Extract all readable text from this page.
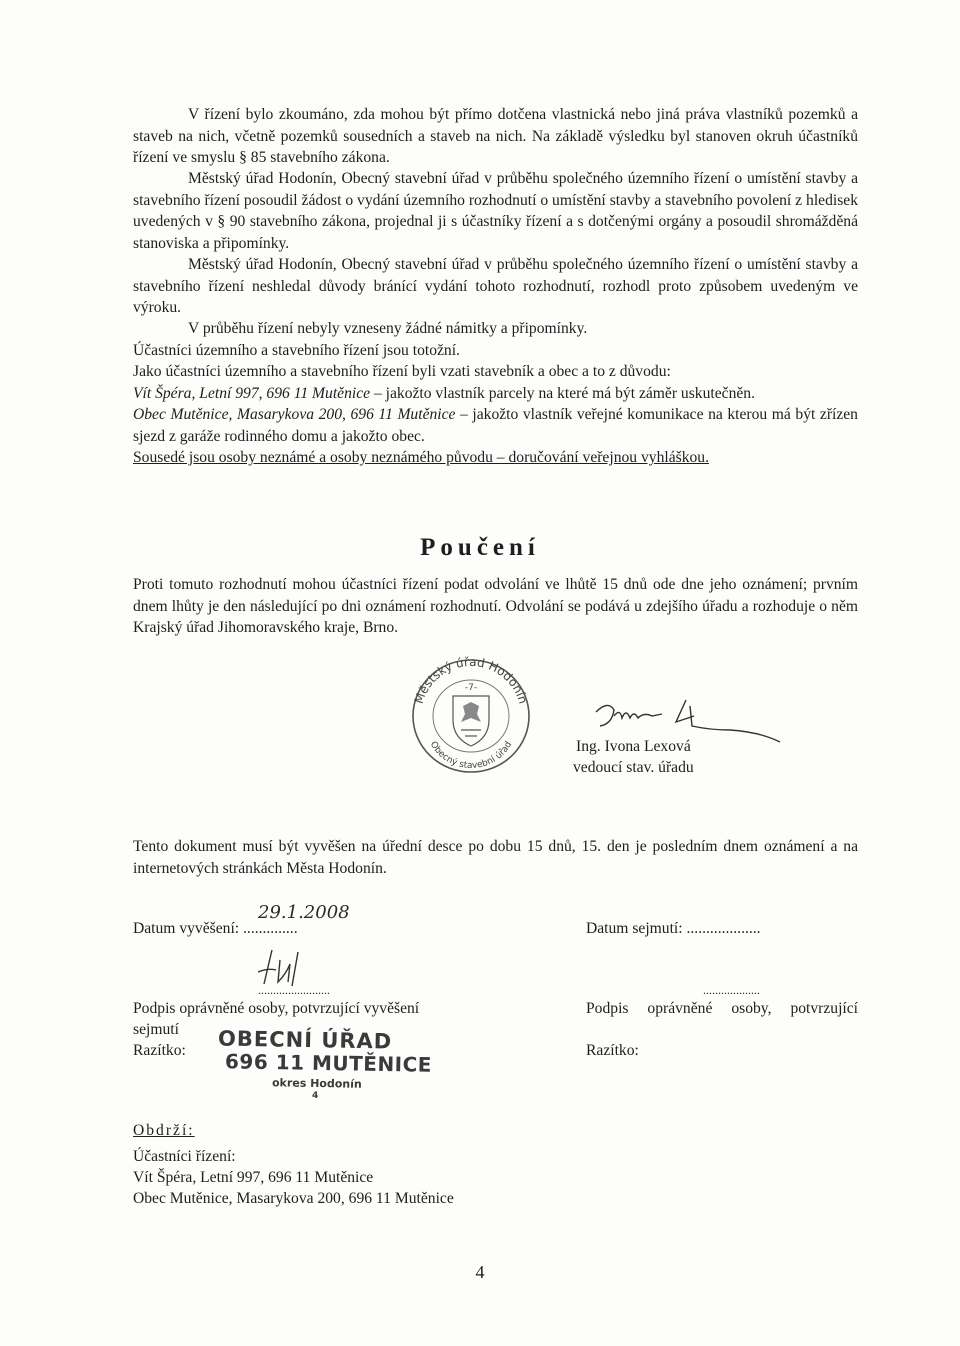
V řízení bylo zkoumáno, zda mohou být přímo dotčena vlastnická nebo jiná práva vlastníků pozemků a staveb na nich, včetně pozemků sousedních a staveb na nich. Na základě výsledku byl stanoven okruh účastníků řízení ve smyslu § 85 stavebního zákona.

Městský úřad Hodonín, Obecný stavební úřad v průběhu společného územního řízení o umístění stavby a stavebního řízení posoudil žádost o vydání územního rozhodnutí o umístění stavby a stavebního povolení z hledisek uvedených v § 90 stavebního zákona, projednal ji s účastníky řízení a s dotčenými orgány a posoudil shromážděná stanoviska a připomínky.

Městský úřad Hodonín, Obecný stavební úřad v průběhu společného územního řízení o umístění stavby a stavebního řízení neshledal důvody bránící vydání tohoto rozhodnutí, rozhodl proto způsobem uvedeným ve výroku.

V průběhu řízení nebyly vzneseny žádné námitky a připomínky.

Účastníci územního a stavebního řízení jsou totožní.

Jako účastníci územního a stavebního řízení byli vzati stavebník a obec a to z důvodu:

Vít Špéra, Letní 997, 696 11 Mutěnice – jakožto vlastník parcely na které má být záměr uskutečněn.

Obec Mutěnice, Masarykova 200, 696 11 Mutěnice – jakožto vlastník veřejné komunikace na kterou má být zřízen sjezd z garáže rodinného domu a jakožto obec.

Sousedé jsou osoby neznámé a osoby neznámého původu – doručování veřejnou vyhláškou.

Poučení

Proti tomuto rozhodnutí mohou účastníci řízení podat odvolání ve lhůtě 15 dnů ode dne jeho oznámení; prvním dnem lhůty je den následující po dni oznámení rozhodnutí. Odvolání se podává u zdejšího úřadu a rozhoduje o něm Krajský úřad Jihomoravského kraje, Brno.

Městský úřad Hodonín
Obecný stavební úřad
-7-

Ing. Ivona Lexová

vedoucí stav. úřadu

Tento dokument musí být vyvěšen na úřední desce po dobu 15 dnů, 15. den je posledním dnem oznámení a na internetových stránkách Města Hodonín.

Datum vyvěšení: ..............

29.1.2008

Datum sejmutí: ...................

........................	...................

Podpis oprávněné osoby, potvrzující vyvěšení

sejmutí

Razítko:

Podpis oprávněné osoby, potvrzující

Razítko:

OBECNÍ ÚŘAD

696 11 MUTĚNICE

okres Hodonín

4

Obdrží:

Účastníci řízení:

Vít Špéra, Letní 997, 696 11 Mutěnice

Obec Mutěnice, Masarykova 200, 696 11 Mutěnice

4
